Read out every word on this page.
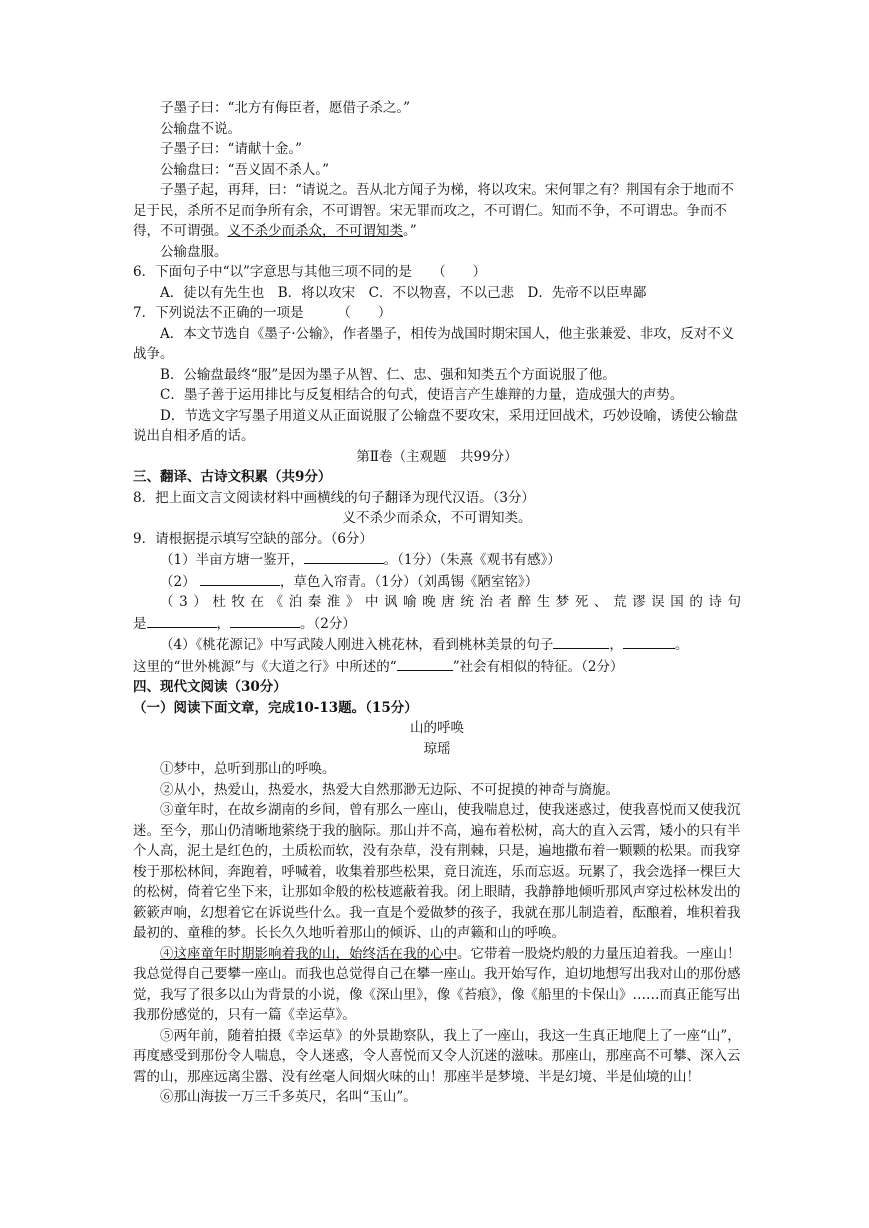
子墨子曰：“北方有侮臣者，愿借子杀之。”

公输盘不说。

子墨子曰：“请献十金。”

公输盘曰：“吾义固不杀人。”

子墨子起，再拜，曰：“请说之。吾从北方闻子为梯，将以攻宋。宋何罪之有？荆国有余于地而不足于民，杀所不足而争所有余，不可谓智。宋无罪而攻之，不可谓仁。知而不争，不可谓忠。争而不得，不可谓强。义不杀少而杀众，不可谓知类。”

公输盘服。

6．下面句子中“以”字意思与其他三项不同的是　　（　　）

A．徒以有先生也　B．将以攻宋　C．不以物喜，不以己悲　D．先帝不以臣卑鄙

7．下列说法不正确的一项是　　　（　　）

A．本文节选自《墨子·公输》，作者墨子，相传为战国时期宋国人，他主张兼爱、非攻，反对不义战争。

B．公输盘最终“服”是因为墨子从智、仁、忠、强和知类五个方面说服了他。

C．墨子善于运用排比与反复相结合的句式，使语言产生雄辩的力量，造成强大的声势。

D．节选文字写墨子用道义从正面说服了公输盘不要攻宋，采用迂回战术，巧妙设喻，诱使公输盘说出自相矛盾的话。

第Ⅱ卷（主观题　共99分）

三、翻译、古诗文积累（共9分）

8．把上面文言文阅读材料中画横线的句子翻译为现代汉语。（3分）

义不杀少而杀众，不可谓知类。

9．请根据提示填写空缺的部分。（6分）

（1）半亩方塘一鉴开，	。（1分）（朱熹《观书有感》）

（2）	，草色入帘青。（1分）（刘禹锡《陋室铭》）

（3）杜牧在《泊秦淮》中讽喻晚唐统治者醉生梦死、荒谬误国的诗句

是	，	。（2分）

（4）《桃花源记》中写武陵人刚进入桃花林，看到桃林美景的句子	，	。

这里的“世外桃源”与《大道之行》中所述的“	”社会有相似的特征。（2分）

四、现代文阅读（30分）

（一）阅读下面文章，完成10-13题。（15分）

山的呼唤

琼瑶

①梦中，总听到那山的呼唤。

②从小，热爱山，热爱水，热爱大自然那渺无边际、不可捉摸的神奇与旖旎。

③童年时，在故乡湖南的乡间，曾有那么一座山，使我喘息过，使我迷惑过，使我喜悦而又使我沉迷。至今，那山仍清晰地萦绕于我的脑际。那山并不高，遍布着松树，高大的直入云霄，矮小的只有半个人高，泥土是红色的，土质松而软，没有杂草，没有荆棘，只是，遍地撒布着一颗颗的松果。而我穿梭于那松林间，奔跑着，呼喊着，收集着那些松果，竟日流连，乐而忘返。玩累了，我会选择一棵巨大的松树，倚着它坐下来，让那如伞般的松枝遮蔽着我。闭上眼睛，我静静地倾听那风声穿过松林发出的簌簌声响，幻想着它在诉说些什么。我一直是个爱做梦的孩子，我就在那儿制造着，酝酿着，堆积着我最初的、童稚的梦。长长久久地听着那山的倾诉、山的声籁和山的呼唤。

④这座童年时期影响着我的山，始终活在我的心中。它带着一股烧灼般的力量压迫着我。一座山！我总觉得自己要攀一座山。而我也总觉得自己在攀一座山。我开始写作，迫切地想写出我对山的那份感觉，我写了很多以山为背景的小说，像《深山里》，像《苔痕》，像《船里的卡保山》……而真正能写出我那份感觉的，只有一篇《幸运草》。

⑤两年前，随着拍摄《幸运草》的外景勘察队，我上了一座山，我这一生真正地爬上了一座“山”，再度感受到那份令人喘息，令人迷惑，令人喜悦而又令人沉迷的滋味。那座山，那座高不可攀、深入云霄的山，那座远离尘嚣、没有丝毫人间烟火味的山！那座半是梦境、半是幻境、半是仙境的山！

⑥那山海拔一万三千多英尺，名叫“玉山”。
